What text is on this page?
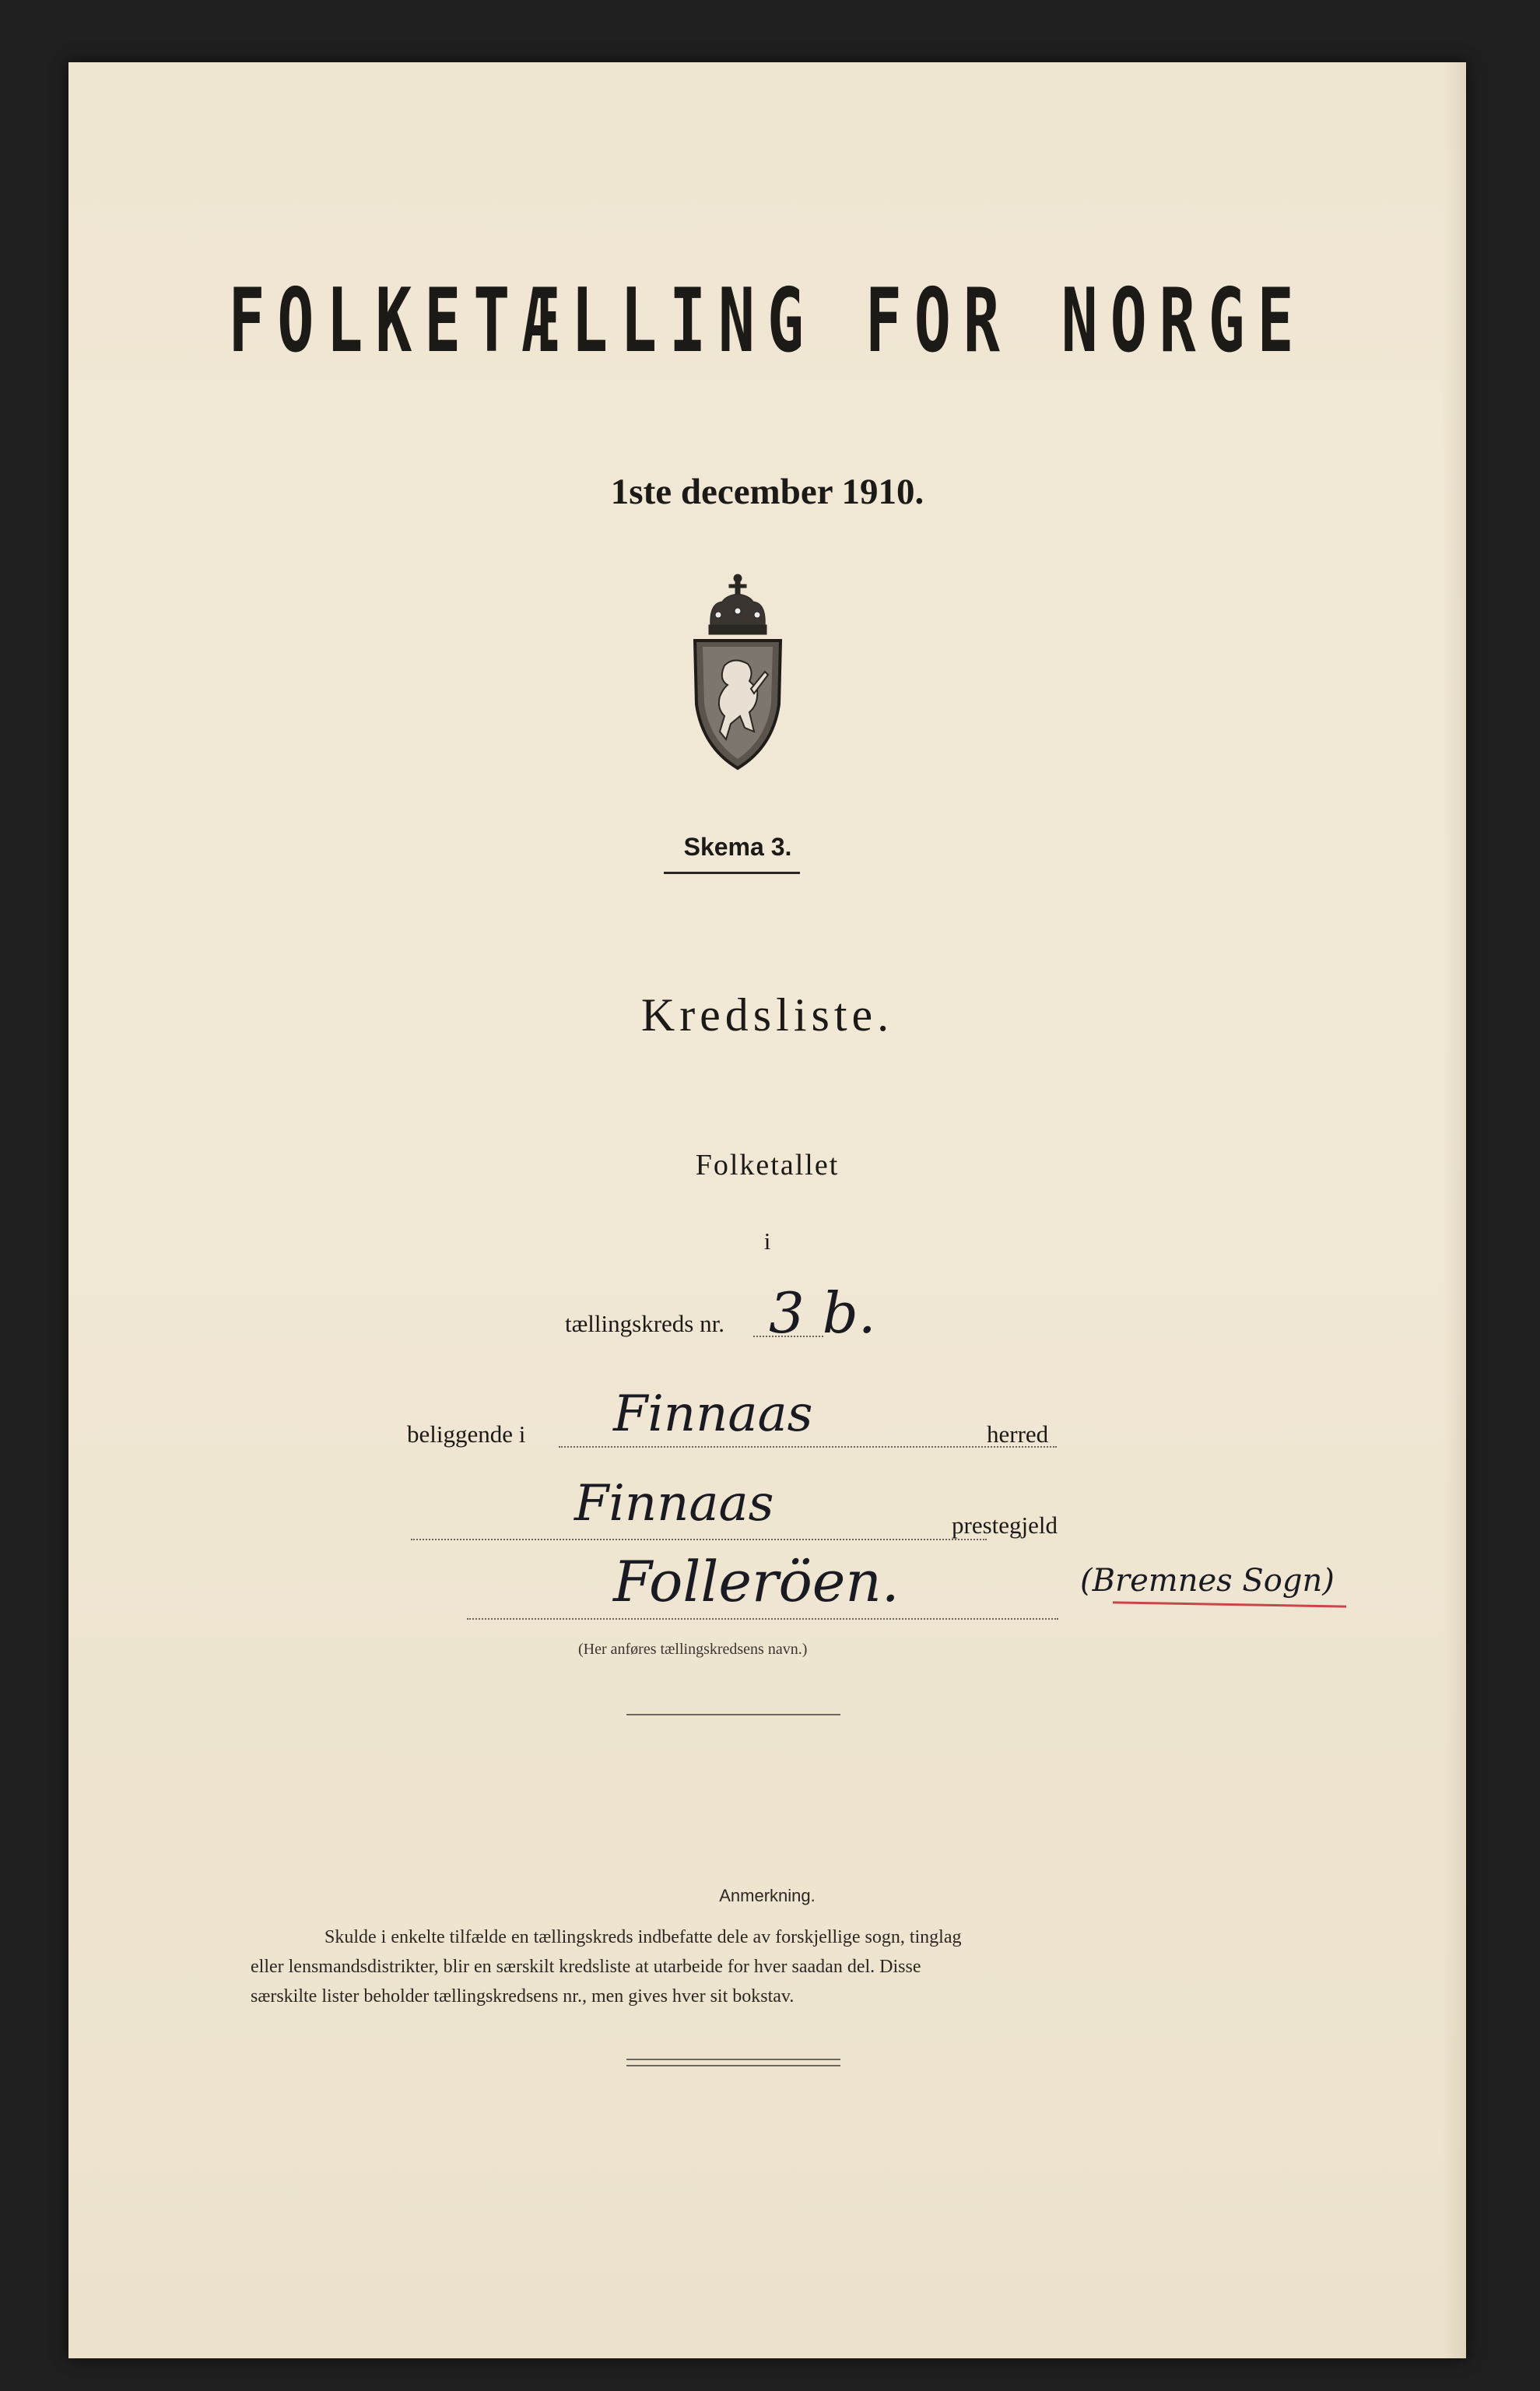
FOLKETÆLLING FOR NORGE
1ste december 1910.
Skema 3.
Kredsliste.
Folketallet
i
tællingskreds nr. 3 b.
beliggende i Finnaas	herred
Finnaas	prestegjeld
Folleröen.	(Bremnes Sogn)
(Her anføres tællingskredsens navn.)
Anmerkning.
Skulde i enkelte tilfælde en tællingskreds indbefatte dele av forskjellige sogn, tinglag
eller lensmandsdistrikter, blir en særskilt kredsliste at utarbeide for hver saadan del. Disse
særskilte lister beholder tællingskredsens nr., men gives hver sit bokstav.
